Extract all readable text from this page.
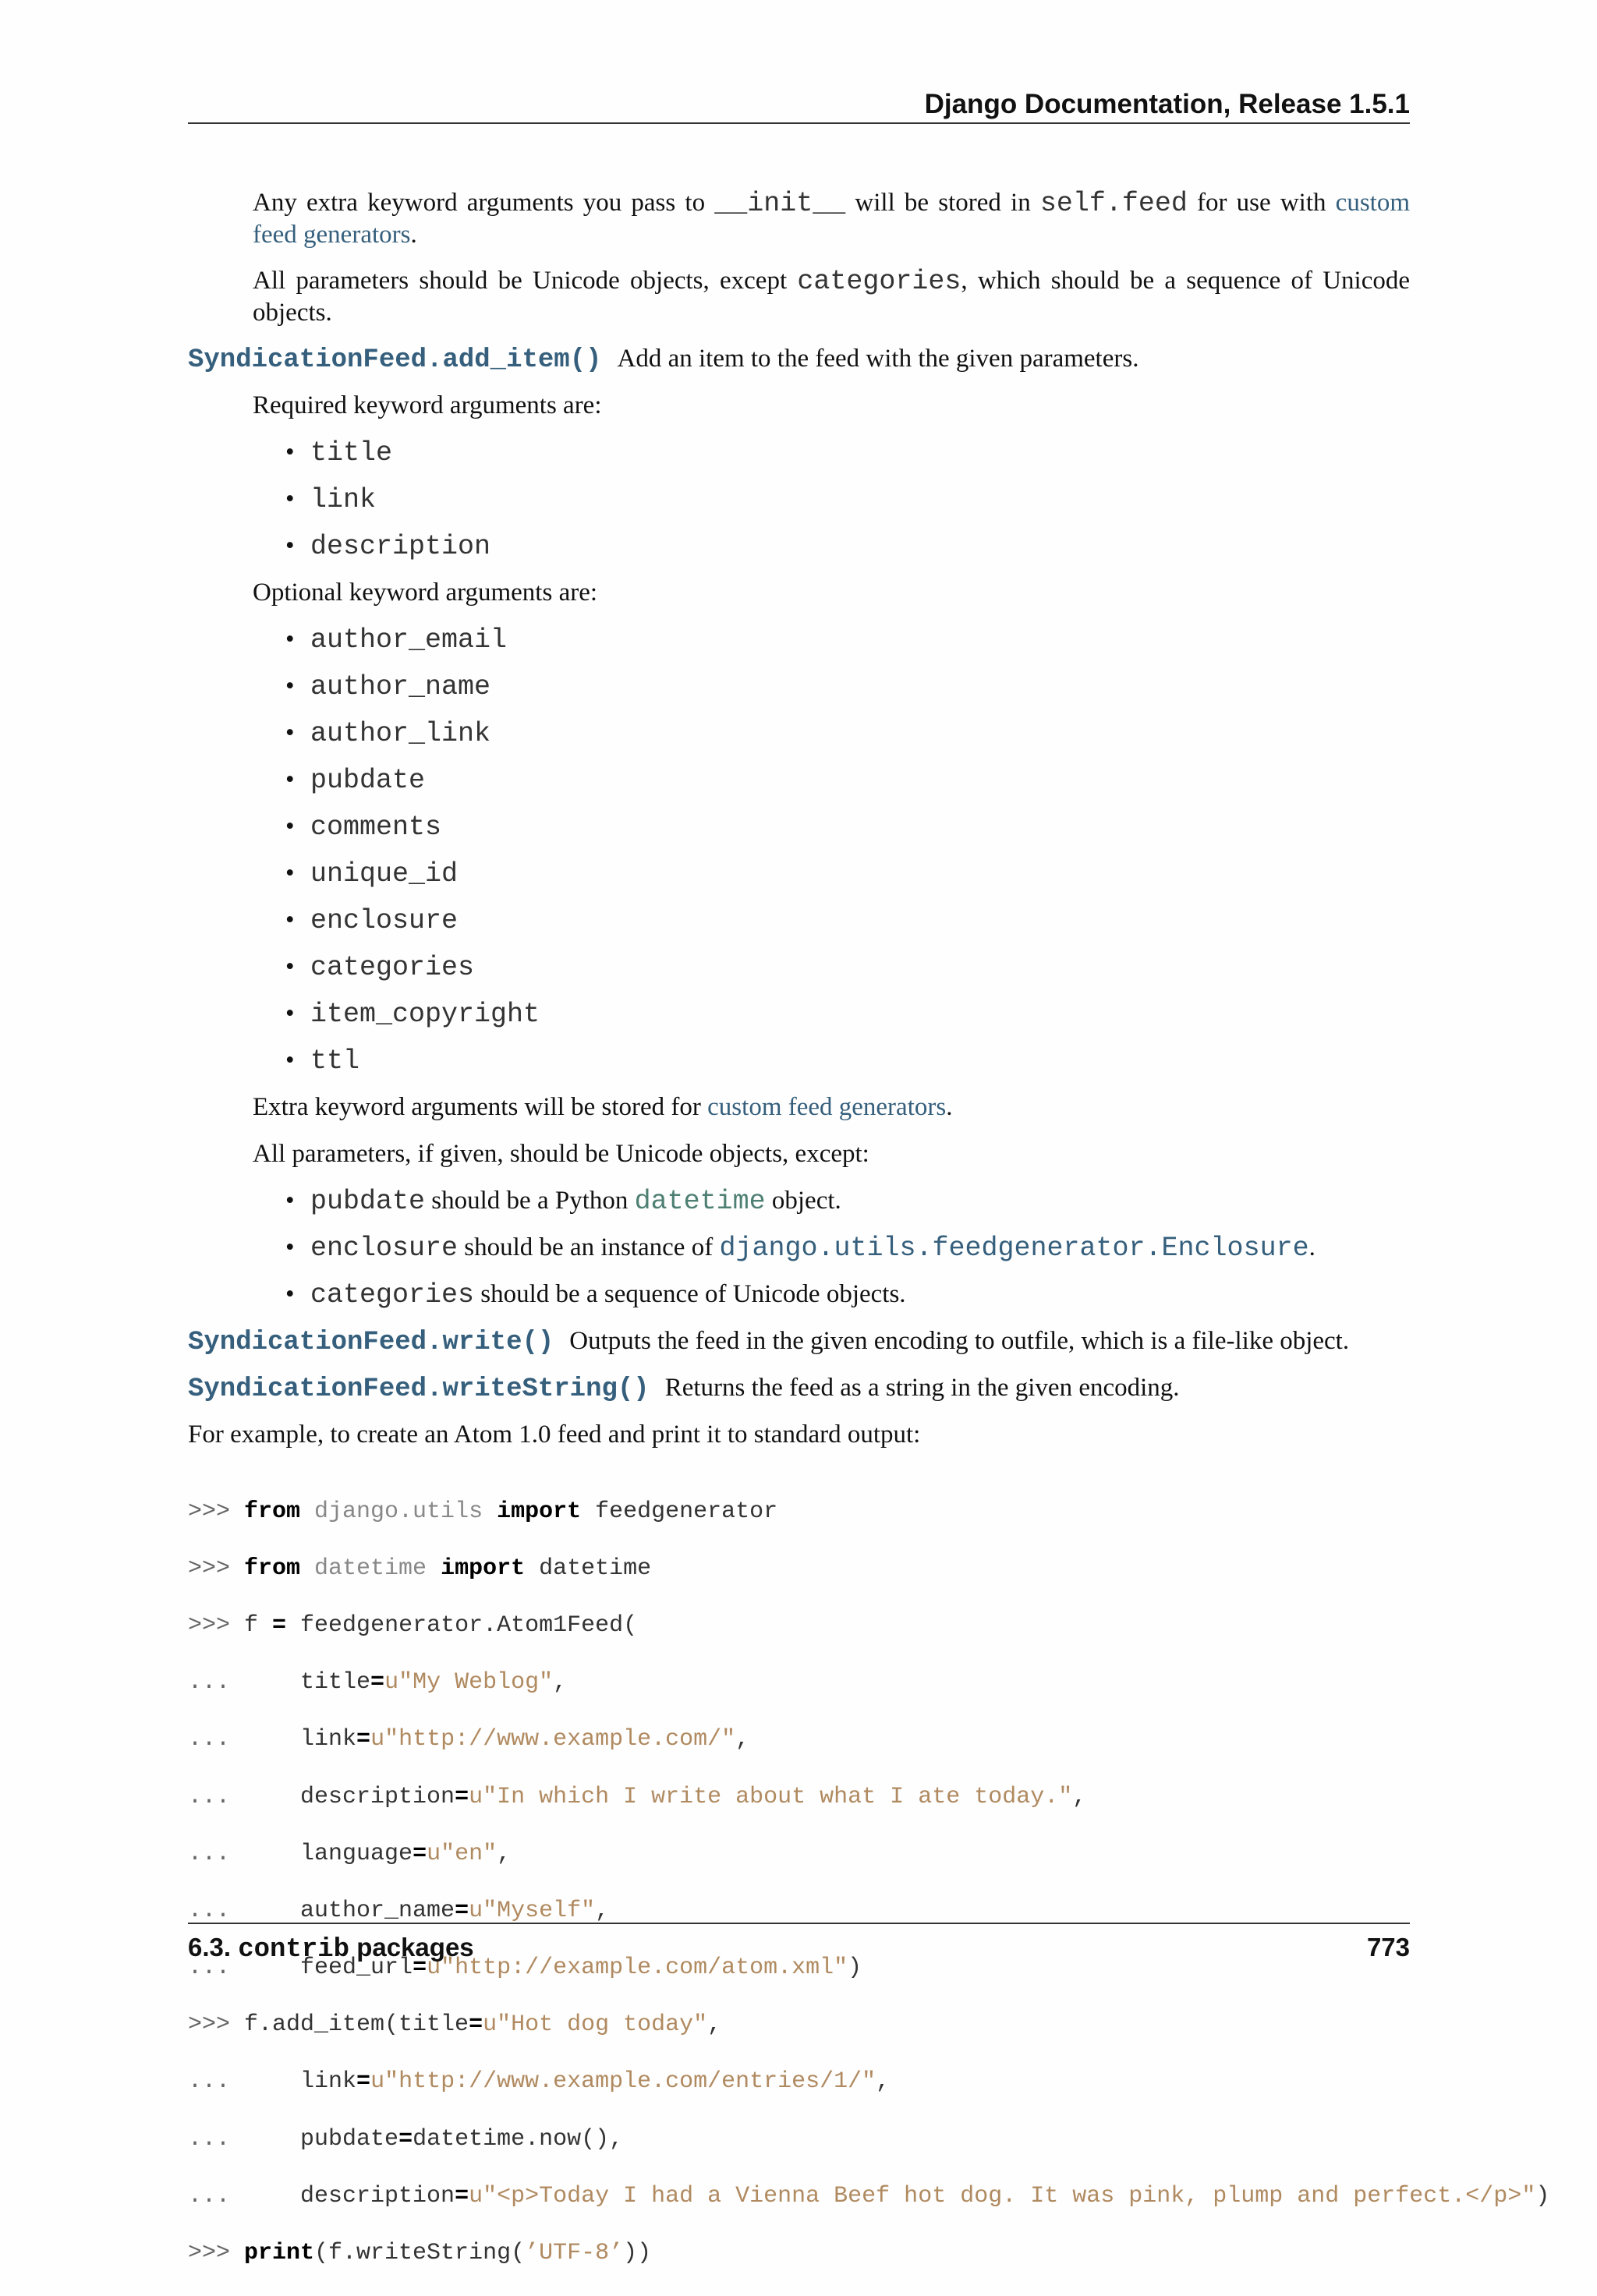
Django Documentation, Release 1.5.1

Any extra keyword arguments you pass to __init__ will be stored in self.feed for use with custom feed generators.

All parameters should be Unicode objects, except categories, which should be a sequence of Unicode objects.

SyndicationFeed.add_item() Add an item to the feed with the given parameters.
Required keyword arguments are:
• title
• link
• description
Optional keyword arguments are:
• author_email
• author_name
• author_link
• pubdate
• comments
• unique_id
• enclosure
• categories
• item_copyright
• ttl
Extra keyword arguments will be stored for custom feed generators.
All parameters, if given, should be Unicode objects, except:
• pubdate should be a Python datetime object.
• enclosure should be an instance of django.utils.feedgenerator.Enclosure.
• categories should be a sequence of Unicode objects.
SyndicationFeed.write() Outputs the feed in the given encoding to outfile, which is a file-like object.
SyndicationFeed.writeString() Returns the feed as a string in the given encoding.
For example, to create an Atom 1.0 feed and print it to standard output:

>>> from django.utils import feedgenerator

>>> from datetime import datetime

>>> f = feedgenerator.Atom1Feed(

...     title=u"My Weblog",

...     link=u"http://www.example.com/",

...     description=u"In which I write about what I ate today.",

...     language=u"en",

...     author_name=u"Myself",

...     feed_url=u"http://example.com/atom.xml")

>>> f.add_item(title=u"Hot dog today",

...     link=u"http://www.example.com/entries/1/",

...     pubdate=datetime.now(),

...     description=u"<p>Today I had a Vienna Beef hot dog. It was pink, plump and perfect.</p>")

>>> print(f.writeString(’UTF-8’))

6.3. contrib packages	773
